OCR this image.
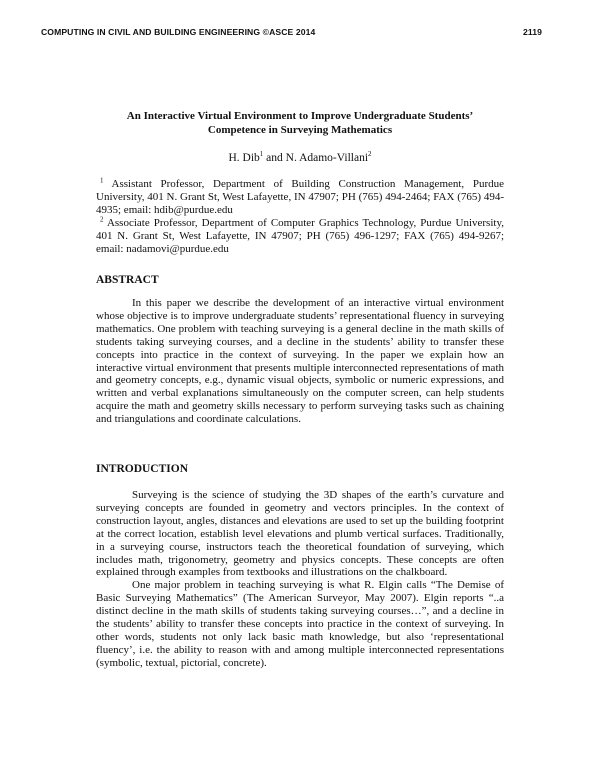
COMPUTING IN CIVIL AND BUILDING ENGINEERING ©ASCE 2014	2119
An Interactive Virtual Environment to Improve Undergraduate Students’
Competence in Surveying Mathematics
H. Dib$^1$ and N. Adamo-Villani$^2$

$^1$ Assistant Professor, Department of Building Construction Management, Purdue University, 401 N. Grant St, West Lafayette, IN 47907; PH (765) 494-2464; FAX (765) 494-4935; email: hdib@purdue.edu

$^2$ Associate Professor, Department of Computer Graphics Technology, Purdue University, 401 N. Grant St, West Lafayette, IN 47907; PH (765) 496-1297; FAX (765) 494-9267; email: nadamovi@purdue.edu

ABSTRACT

In this paper we describe the development of an interactive virtual environment whose objective is to improve undergraduate students’ representational fluency in surveying mathematics. One problem with teaching surveying is a general decline in the math skills of students taking surveying courses, and a decline in the students’ ability to transfer these concepts into practice in the context of surveying. In the paper we explain how an interactive virtual environment that presents multiple interconnected representations of math and geometry concepts, e.g., dynamic visual objects, symbolic or numeric expressions, and written and verbal explanations simultaneously on the computer screen, can help students acquire the math and geometry skills necessary to perform surveying tasks such as chaining and triangulations and coordinate calculations.

INTRODUCTION

Surveying is the science of studying the 3D shapes of the earth’s curvature and surveying concepts are founded in geometry and vectors principles. In the context of construction layout, angles, distances and elevations are used to set up the building footprint at the correct location, establish level elevations and plumb vertical surfaces. Traditionally, in a surveying course, instructors teach the theoretical foundation of surveying, which includes math, trigonometry, geometry and physics concepts. These concepts are often explained through examples from textbooks and illustrations on the chalkboard.

One major problem in teaching surveying is what R. Elgin calls “The Demise of Basic Surveying Mathematics” (The American Surveyor, May 2007). Elgin reports “..a distinct decline in the math skills of students taking surveying courses…”, and a decline in the students’ ability to transfer these concepts into practice in the context of surveying. In other words, students not only lack basic math knowledge, but also ‘representational fluency’, i.e. the ability to reason with and among multiple interconnected representations (symbolic, textual, pictorial, concrete).
